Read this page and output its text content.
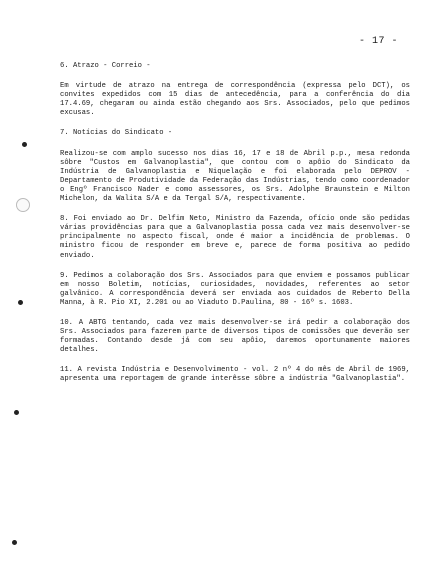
- 17 -

6. Atrazo - Correio -

Em virtude de atrazo na entrega de correspondência (expressa pelo DCT), os convites expedidos com 15 dias de antecedência, para a conferência do dia 17.4.69, chegaram ou ainda estão chegando aos Srs. Associados, pelo que pedimos excusas.

7. Notícias do Sindicato -

Realizou-se com amplo sucesso nos dias 16, 17 e 18 de Abril p.p., mesa redonda sôbre "Custos em Galvanoplastia", que contou com o apôio do Sindicato da Indústria de Galvanoplastia e Niquelação e foi elaborada pelo DEPROV - Departamento de Produtividade da Federação das Indústrias, tendo como coordenador o Engº Francisco Nader e como assessores, os Srs. Adolphe Braunstein e Milton Michelon, da Walita S/A e da Tergal S/A, respectivamente.

8. Foi enviado ao Dr. Delfim Neto, Ministro da Fazenda, ofício onde são pedidas várias providências para que a Galvanoplastia possa cada vez mais desenvolver-se principalmente no aspecto fiscal, onde é maior a incidência de problemas. O ministro ficou de responder em breve e, parece de forma positiva ao pedido enviado.

9. Pedimos a colaboração dos Srs. Associados para que enviem e possamos publicar em nosso Boletim, notícias, curiosidades, novidades, referentes ao setor galvânico. A correspondência deverá ser enviada aos cuidados de Reberto Della Manna, à R. Pio XI, 2.201 ou ao Viaduto D.Paulina, 80 - 16º s. 1603.

10. A ABTG tentando, cada vez mais desenvolver-se irá pedir a colaboração dos Srs. Associados para fazerem parte de diversos tipos de comissões que deverão ser formadas. Contando desde já com seu apôio, daremos oportunamente maiores detalhes.

11. A revista Indústria e Desenvolvimento - vol. 2 nº 4 do mês de Abril de 1969, apresenta uma reportagem de grande interêsse sôbre a indústria "Galvanoplastia".
